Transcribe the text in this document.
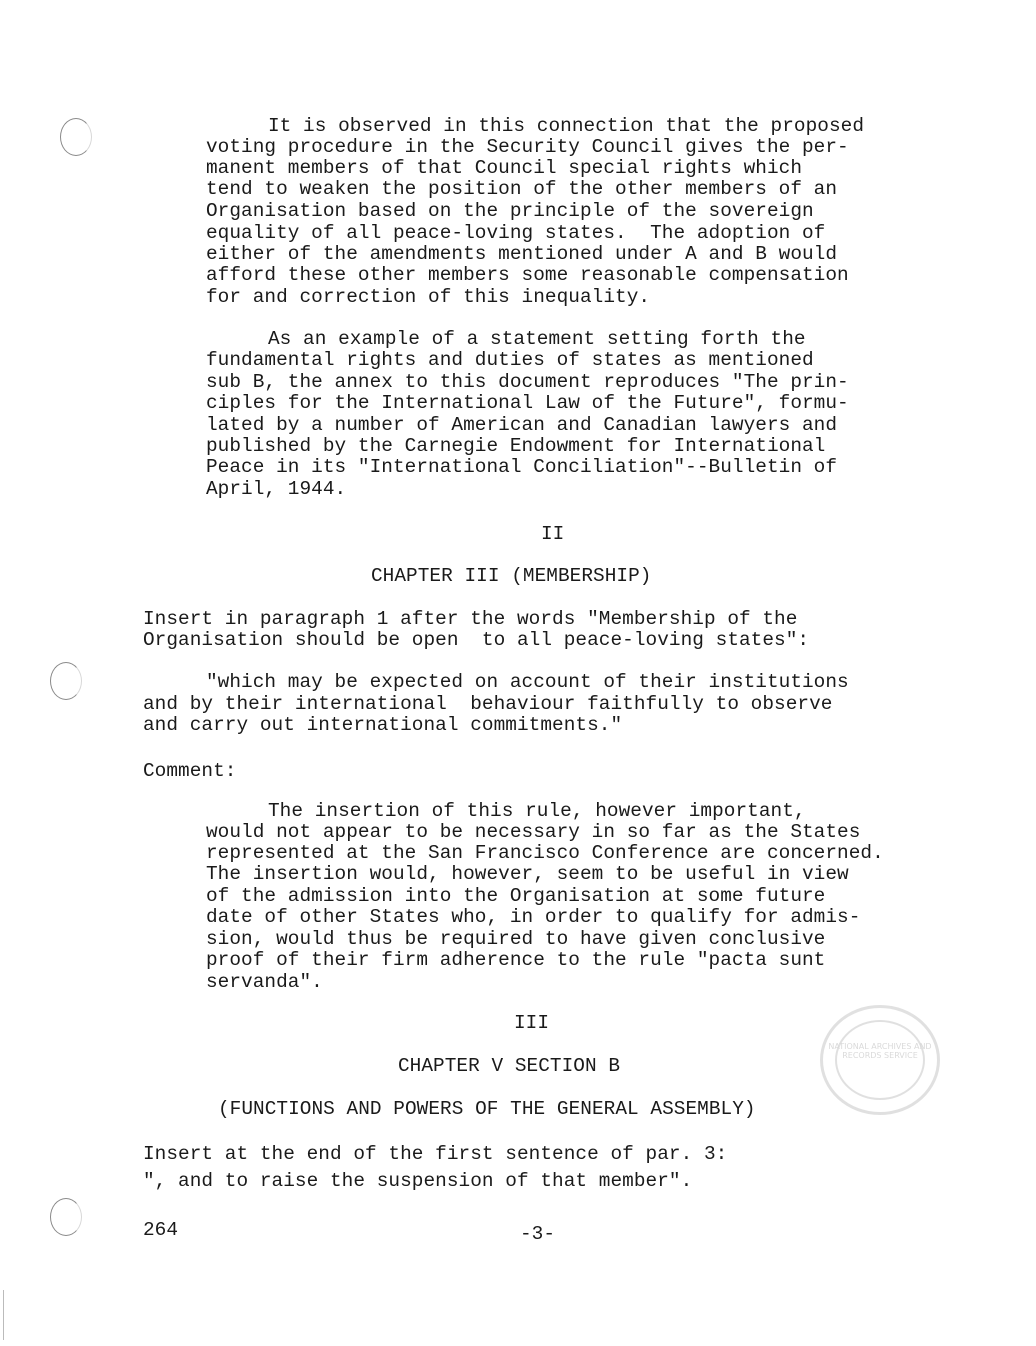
It is observed in this connection that the proposed
voting procedure in the Security Council gives the per-
manent members of that Council special rights which
tend to weaken the position of the other members of an
Organisation based on the principle of the sovereign
equality of all peace-loving states.  The adoption of
either of the amendments mentioned under A and B would
afford these other members some reasonable compensation
for and correction of this inequality.
As an example of a statement setting forth the
fundamental rights and duties of states as mentioned
sub B, the annex to this document reproduces "The prin-
ciples for the International Law of the Future", formu-
lated by a number of American and Canadian lawyers and
published by the Carnegie Endowment for International
Peace in its "International Conciliation"--Bulletin of
April, 1944.
II
CHAPTER III (MEMBERSHIP)
Insert in paragraph 1 after the words "Membership of the
Organisation should be open  to all peace-loving states":
"which may be expected on account of their institutions
and by their international  behaviour faithfully to observe
and carry out international commitments."
Comment:
The insertion of this rule, however important,
would not appear to be necessary in so far as the States
represented at the San Francisco Conference are concerned.
The insertion would, however, seem to be useful in view
of the admission into the Organisation at some future
date of other States who, in order to qualify for admis-
sion, would thus be required to have given conclusive
proof of their firm adherence to the rule "pacta sunt
servanda".
III
CHAPTER V SECTION B
(FUNCTIONS AND POWERS OF THE GENERAL ASSEMBLY)
Insert at the end of the first sentence of par. 3:
", and to raise the suspension of that member".
264	-3-
NATIONAL ARCHIVES AND RECORDS SERVICE
